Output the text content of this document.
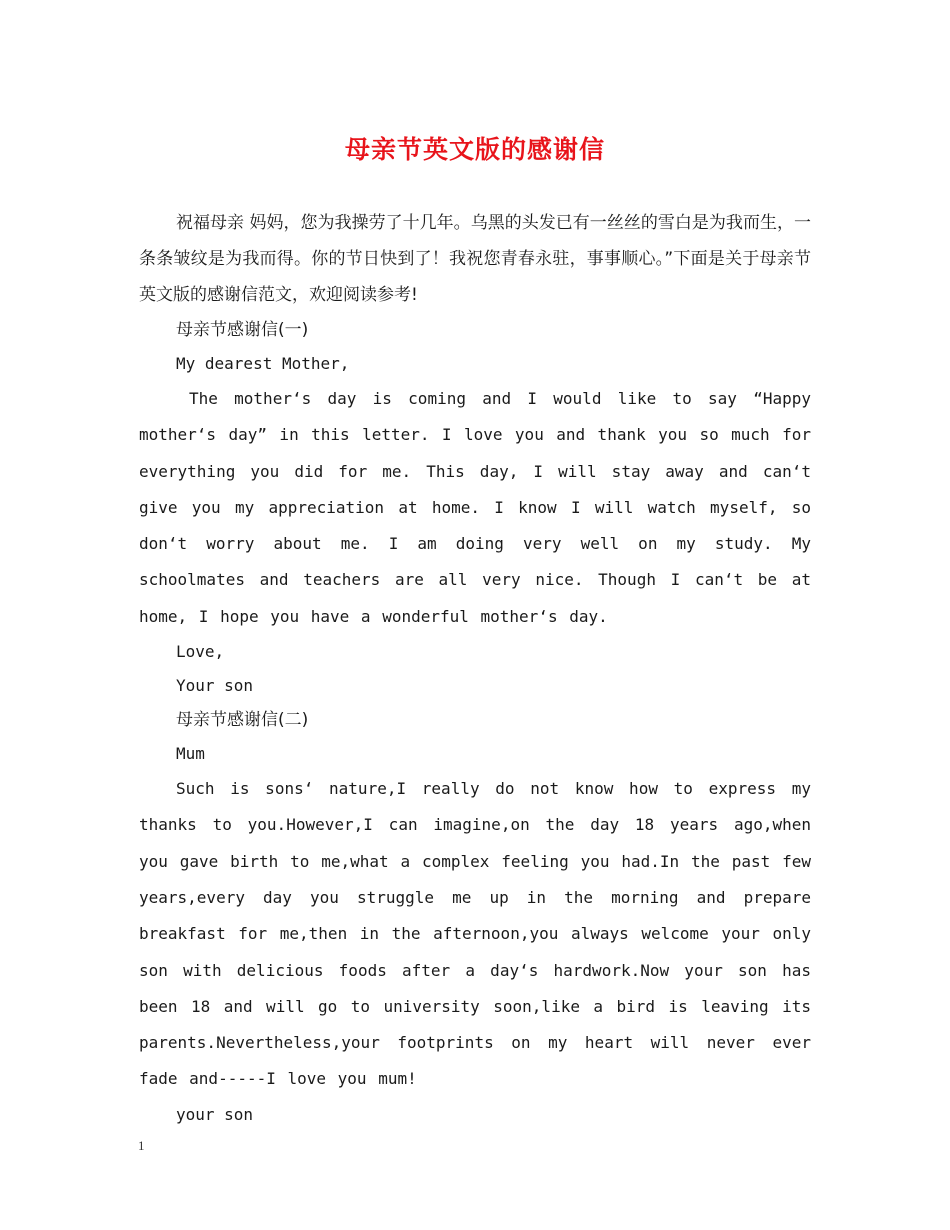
母亲节英文版的感谢信

祝福母亲 妈妈，您为我操劳了十几年。乌黑的头发已有一丝丝的雪白是为我而生，一条条皱纹是为我而得。你的节日快到了！我祝您青春永驻，事事顺心。”下面是关于母亲节英文版的感谢信范文，欢迎阅读参考!

母亲节感谢信(一)

My dearest Mother,

The mother‘s day is coming and I would like to say “Happy mother‘s day” in this letter. I love you and thank you so much for everything you did for me. This day, I will stay away and can‘t give you my appreciation at home. I know I will watch myself, so don‘t worry about me. I am doing very well on my study. My schoolmates and teachers are all very nice. Though I can‘t be at home, I hope you have a wonderful mother‘s day.

Love,

Your son

母亲节感谢信(二)

Mum

Such is sons‘ nature,I really do not know how to express my thanks to you.However,I can imagine,on the day 18 years ago,when you gave birth to me,what a complex feeling you had.In the past few years,every day you struggle me up in the morning and prepare breakfast for me,then in the afternoon,you always welcome your only son with delicious foods after a day‘s hardwork.Now your son has been 18 and will go to university soon,like a bird is leaving its parents.Nevertheless,your footprints on my heart will never ever fade and-----I love you mum!

your son

1
